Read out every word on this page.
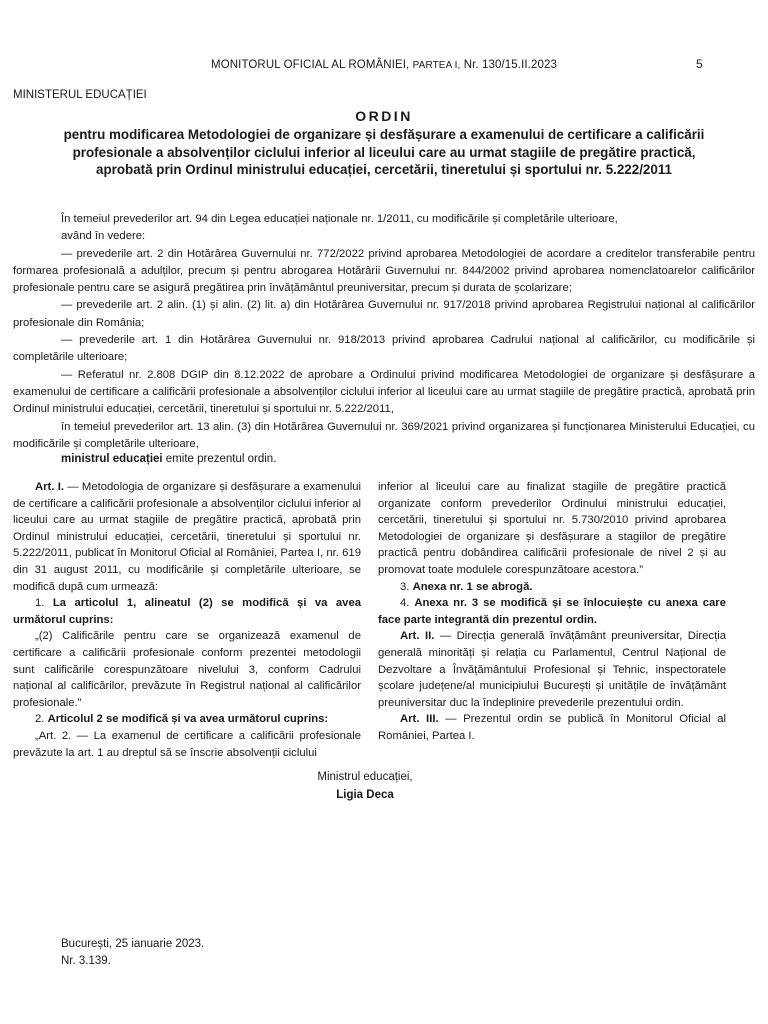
MONITORUL OFICIAL AL ROMÂNIEI, PARTEA I, Nr. 130/15.II.2023	5
MINISTERUL EDUCAȚIEI
ORDIN
pentru modificarea Metodologiei de organizare și desfășurare a examenului de certificare a calificării profesionale a absolvenților ciclului inferior al liceului care au urmat stagiile de pregătire practică, aprobată prin Ordinul ministrului educației, cercetării, tineretului și sportului nr. 5.222/2011

În temeiul prevederilor art. 94 din Legea educației naționale nr. 1/2011, cu modificările și completările ulterioare,

având în vedere:

— prevederile art. 2 din Hotărârea Guvernului nr. 772/2022 privind aprobarea Metodologiei de acordare a creditelor transferabile pentru formarea profesională a adulților, precum și pentru abrogarea Hotărârii Guvernului nr. 844/2002 privind aprobarea nomenclatoarelor calificărilor profesionale pentru care se asigură pregătirea prin învățământul preuniversitar, precum și durata de școlarizare;

— prevederile art. 2 alin. (1) și alin. (2) lit. a) din Hotărârea Guvernului nr. 917/2018 privind aprobarea Registrului național al calificărilor profesionale din România;

— prevederile art. 1 din Hotărârea Guvernului nr. 918/2013 privind aprobarea Cadrului național al calificărilor, cu modificările și completările ulterioare;

— Referatul nr. 2.808 DGIP din 8.12.2022 de aprobare a Ordinului privind modificarea Metodologiei de organizare și desfășurare a examenului de certificare a calificării profesionale a absolvenților ciclului inferior al liceului care au urmat stagiile de pregătire practică, aprobată prin Ordinul ministrului educației, cercetării, tineretului și sportului nr. 5.222/2011,

în temeiul prevederilor art. 13 alin. (3) din Hotărârea Guvernului nr. 369/2021 privind organizarea și funcționarea Ministerului Educației, cu modificările și completările ulterioare,

ministrul educației emite prezentul ordin.

Art. I. — Metodologia de organizare și desfășurare a examenului de certificare a calificării profesionale a absolvenților ciclului inferior al liceului care au urmat stagiile de pregătire practică, aprobată prin Ordinul ministrului educației, cercetării, tineretului și sportului nr. 5.222/2011, publicat în Monitorul Oficial al României, Partea I, nr. 619 din 31 august 2011, cu modificările și completările ulterioare, se modifică după cum urmează:

1. La articolul 1, alineatul (2) se modifică și va avea următorul cuprins:

„(2) Calificările pentru care se organizează examenul de certificare a calificării profesionale conform prezentei metodologii sunt calificările corespunzătoare nivelului 3, conform Cadrului național al calificărilor, prevăzute în Registrul național al calificărilor profesionale.”

2. Articolul 2 se modifică și va avea următorul cuprins:

„Art. 2. — La examenul de certificare a calificării profesionale prevăzute la art. 1 au dreptul să se înscrie absolvenții ciclului

inferior al liceului care au finalizat stagiile de pregătire practică organizate conform prevederilor Ordinului ministrului educației, cercetării, tineretului și sportului nr. 5.730/2010 privind aprobarea Metodologiei de organizare și desfășurare a stagiilor de pregătire practică pentru dobândirea calificării profesionale de nivel 2 și au promovat toate modulele corespunzătoare acestora.”

3. Anexa nr. 1 se abrogă.

4. Anexa nr. 3 se modifică și se înlocuiește cu anexa care face parte integrantă din prezentul ordin.

Art. II. — Direcția generală învățământ preuniversitar, Direcția generală minorități și relația cu Parlamentul, Centrul Național de Dezvoltare a Învățământului Profesional și Tehnic, inspectoratele școlare județene/al municipiului București și unitățile de învățământ preuniversitar duc la îndeplinire prevederile prezentului ordin.

Art. III. — Prezentul ordin se publică în Monitorul Oficial al României, Partea I.

Ministrul educației,
Ligia Deca
București, 25 ianuarie 2023.
Nr. 3.139.
